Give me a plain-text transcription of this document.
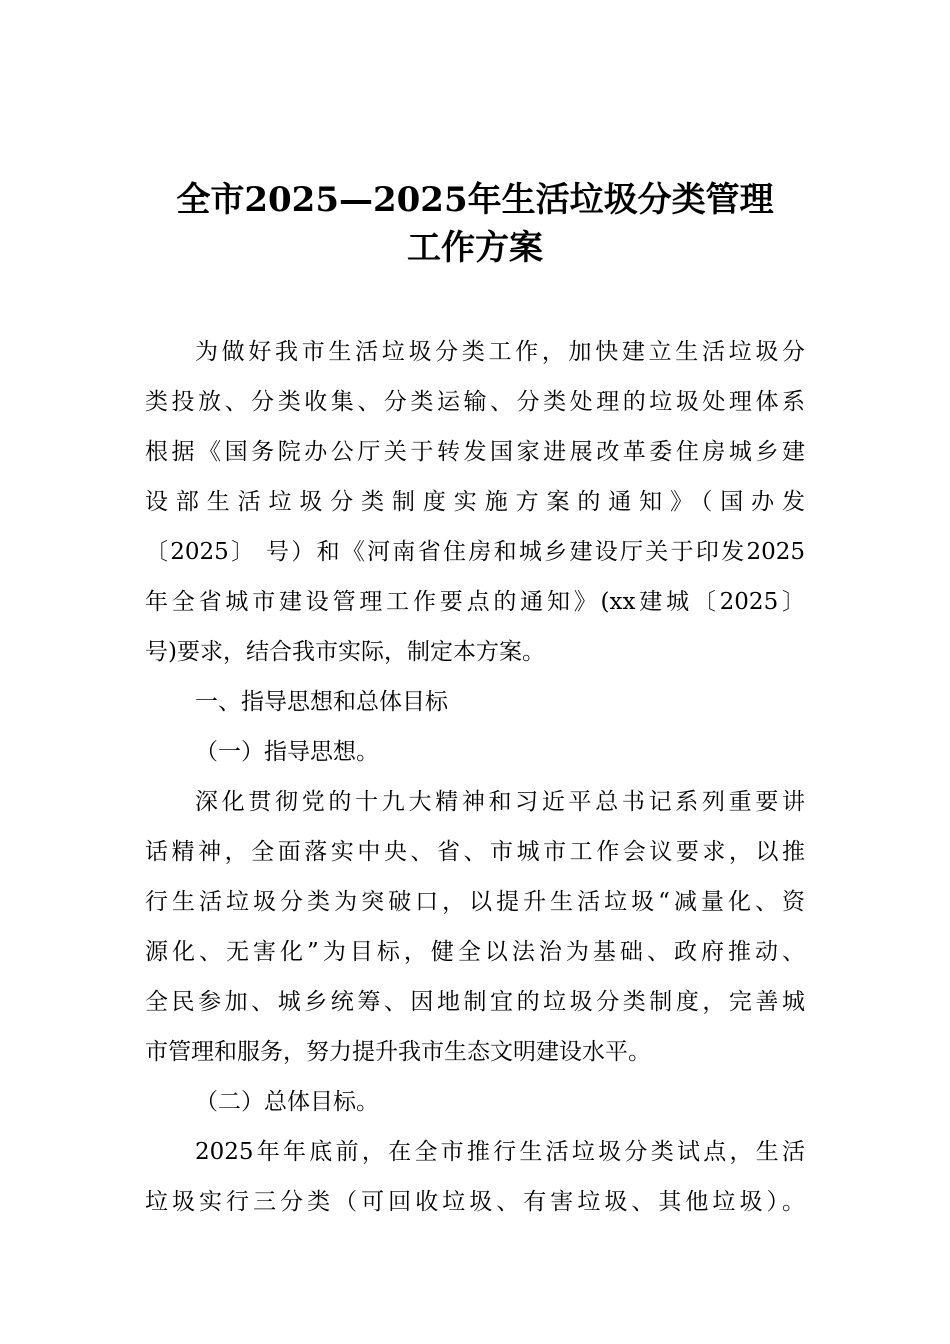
全市2025—2025年生活垃圾分类管理
工作方案
为做好我市生活垃圾分类工作，加快建立生活垃圾分
类投放、分类收集、分类运输、分类处理的垃圾处理体系
根据《国务院办公厅关于转发国家进展改革委住房城乡建
设部生活垃圾分类制度实施方案的通知》（国办发
〔2025〕 号）和《河南省住房和城乡建设厅关于印发2025
年全省城市建设管理工作要点的通知》(xx建城〔2025〕
号)要求，结合我市实际，制定本方案。
一、指导思想和总体目标
（一）指导思想。
深化贯彻党的十九大精神和习近平总书记系列重要讲
话精神，全面落实中央、省、市城市工作会议要求，以推
行生活垃圾分类为突破口，以提升生活垃圾“减量化、资
源化、无害化”为目标，健全以法治为基础、政府推动、
全民参加、城乡统筹、因地制宜的垃圾分类制度，完善城
市管理和服务，努力提升我市生态文明建设水平。
（二）总体目标。
2025年年底前，在全市推行生活垃圾分类试点，生活
垃圾实行三分类（可回收垃圾、有害垃圾、其他垃圾）。
